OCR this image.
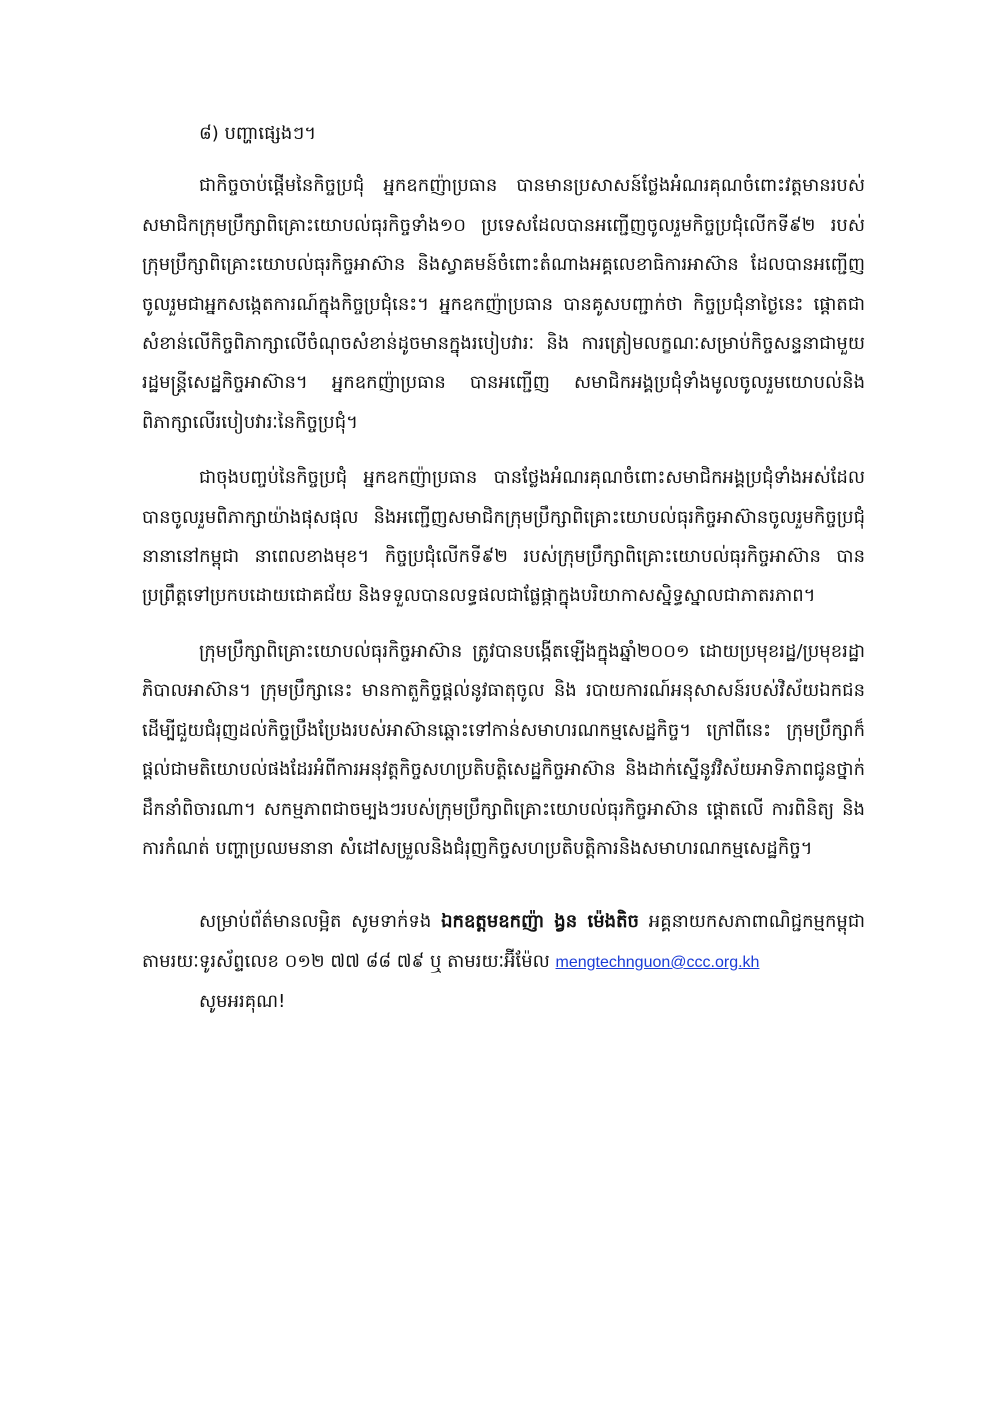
៨) បញ្ហាផ្សេងៗ។

ជាកិច្ចចាប់ផ្តើមនៃកិច្ចប្រជុំ អ្នកឧកញ៉ាប្រធាន បានមានប្រសាសន៍ថ្លែងអំណរគុណចំពោះវត្តមានរបស់សមាជិកក្រុមប្រឹក្សាពិគ្រោះយោបល់ធុរកិច្ចទាំង១០ ប្រទេសដែលបានអញ្ជើញចូលរួមកិច្ចប្រជុំលើកទី៩២ របស់ក្រុមប្រឹក្សាពិគ្រោះយោបល់ធុរកិច្ចអាស៊ាន និងស្វាគមន៍ចំពោះតំណាងអគ្គលេខាធិការអាស៊ាន ដែលបានអញ្ជើញចូលរួមជាអ្នកសង្កេតការណ៍ក្នុងកិច្ចប្រជុំនេះ។ អ្នកឧកញ៉ាប្រធាន បានគូសបញ្ជាក់ថា កិច្ចប្រជុំនាថ្ងៃនេះ ផ្តោតជាសំខាន់លើកិច្ចពិភាក្សាលើចំណុចសំខាន់ដូចមានក្នុងរបៀបវារៈ និង ការត្រៀមលក្ខណៈសម្រាប់កិច្ចសន្ទនាជាមួយរដ្ឋមន្ត្រីសេដ្ឋកិច្ចអាស៊ាន។ អ្នកឧកញ៉ាប្រធាន បានអញ្ជើញ សមាជិកអង្គប្រជុំទាំងមូលចូលរួមយោបល់និងពិភាក្សាលើរបៀបវារៈនៃកិច្ចប្រជុំ។

ជាចុងបញ្ចប់នៃកិច្ចប្រជុំ អ្នកឧកញ៉ាប្រធាន បានថ្លែងអំណរគុណចំពោះសមាជិកអង្គប្រជុំទាំងអស់ដែលបានចូលរួមពិភាក្សាយ៉ាងផុសផុល និងអញ្ជើញសមាជិកក្រុមប្រឹក្សាពិគ្រោះយោបល់ធុរកិច្ចអាស៊ានចូលរួមកិច្ចប្រជុំនានានៅកម្ពុជា នាពេលខាងមុខ។ កិច្ចប្រជុំលើកទី៩២ របស់ក្រុមប្រឹក្សាពិគ្រោះយោបល់ធុរកិច្ចអាស៊ាន បានប្រព្រឹត្តទៅប្រកបដោយជោគជ័យ និងទទួលបានលទ្ធផលជាផ្លែផ្កាក្នុងបរិយាកាសស្និទ្ធស្នាលជាភាតរភាព។

ក្រុមប្រឹក្សាពិគ្រោះយោបល់ធុរកិច្ចអាស៊ាន ត្រូវបានបង្កើតឡើងក្នុងឆ្នាំ២០០១ ដោយប្រមុខរដ្ឋ/ប្រមុខរដ្ឋាភិបាលអាស៊ាន។ ក្រុមប្រឹក្សានេះ មានកាតួកិច្ចផ្តល់នូវធាតុចូល និង របាយការណ៍អនុសាសន៍របស់វិស័យឯកជន ដើម្បីជួយជំរុញដល់កិច្ចប្រឹងប្រែងរបស់អាស៊ានឆ្ពោះទៅកាន់សមាហរណកម្មសេដ្ឋកិច្ច។ ក្រៅពីនេះ ក្រុមប្រឹក្សាក៏ផ្តល់ជាមតិយោបល់ផងដែរអំពីការអនុវត្តកិច្ចសហប្រតិបត្តិសេដ្ឋកិច្ចអាស៊ាន និងដាក់ស្នើនូវវិស័យអាទិភាពជូនថ្នាក់ដឹកនាំពិចារណា។ សកម្មភាពជាចម្បងៗរបស់ក្រុមប្រឹក្សាពិគ្រោះយោបល់ធុរកិច្ចអាស៊ាន ផ្តោតលើ ការពិនិត្យ និងការកំណត់ បញ្ហាប្រឈមនានា សំដៅសម្រួលនិងជំរុញកិច្ចសហប្រតិបត្តិការនិងសមាហរណកម្មសេដ្ឋកិច្ច។

សម្រាប់ព័ត៌មានលម្អិត សូមទាក់ទង ឯកឧត្តមឧកញ៉ា ង្វន ម៉េងតិច អគ្គនាយកសភាពាណិជ្ជកម្មកម្ពុជា តាមរយៈទូរស័ព្ទលេខ ០១២ ៧៧ ៨៨ ៧៩ ឬ តាមរយៈអ៊ីម៉ែល mengtechnguon@ccc.org.kh

សូមអរគុណ!
